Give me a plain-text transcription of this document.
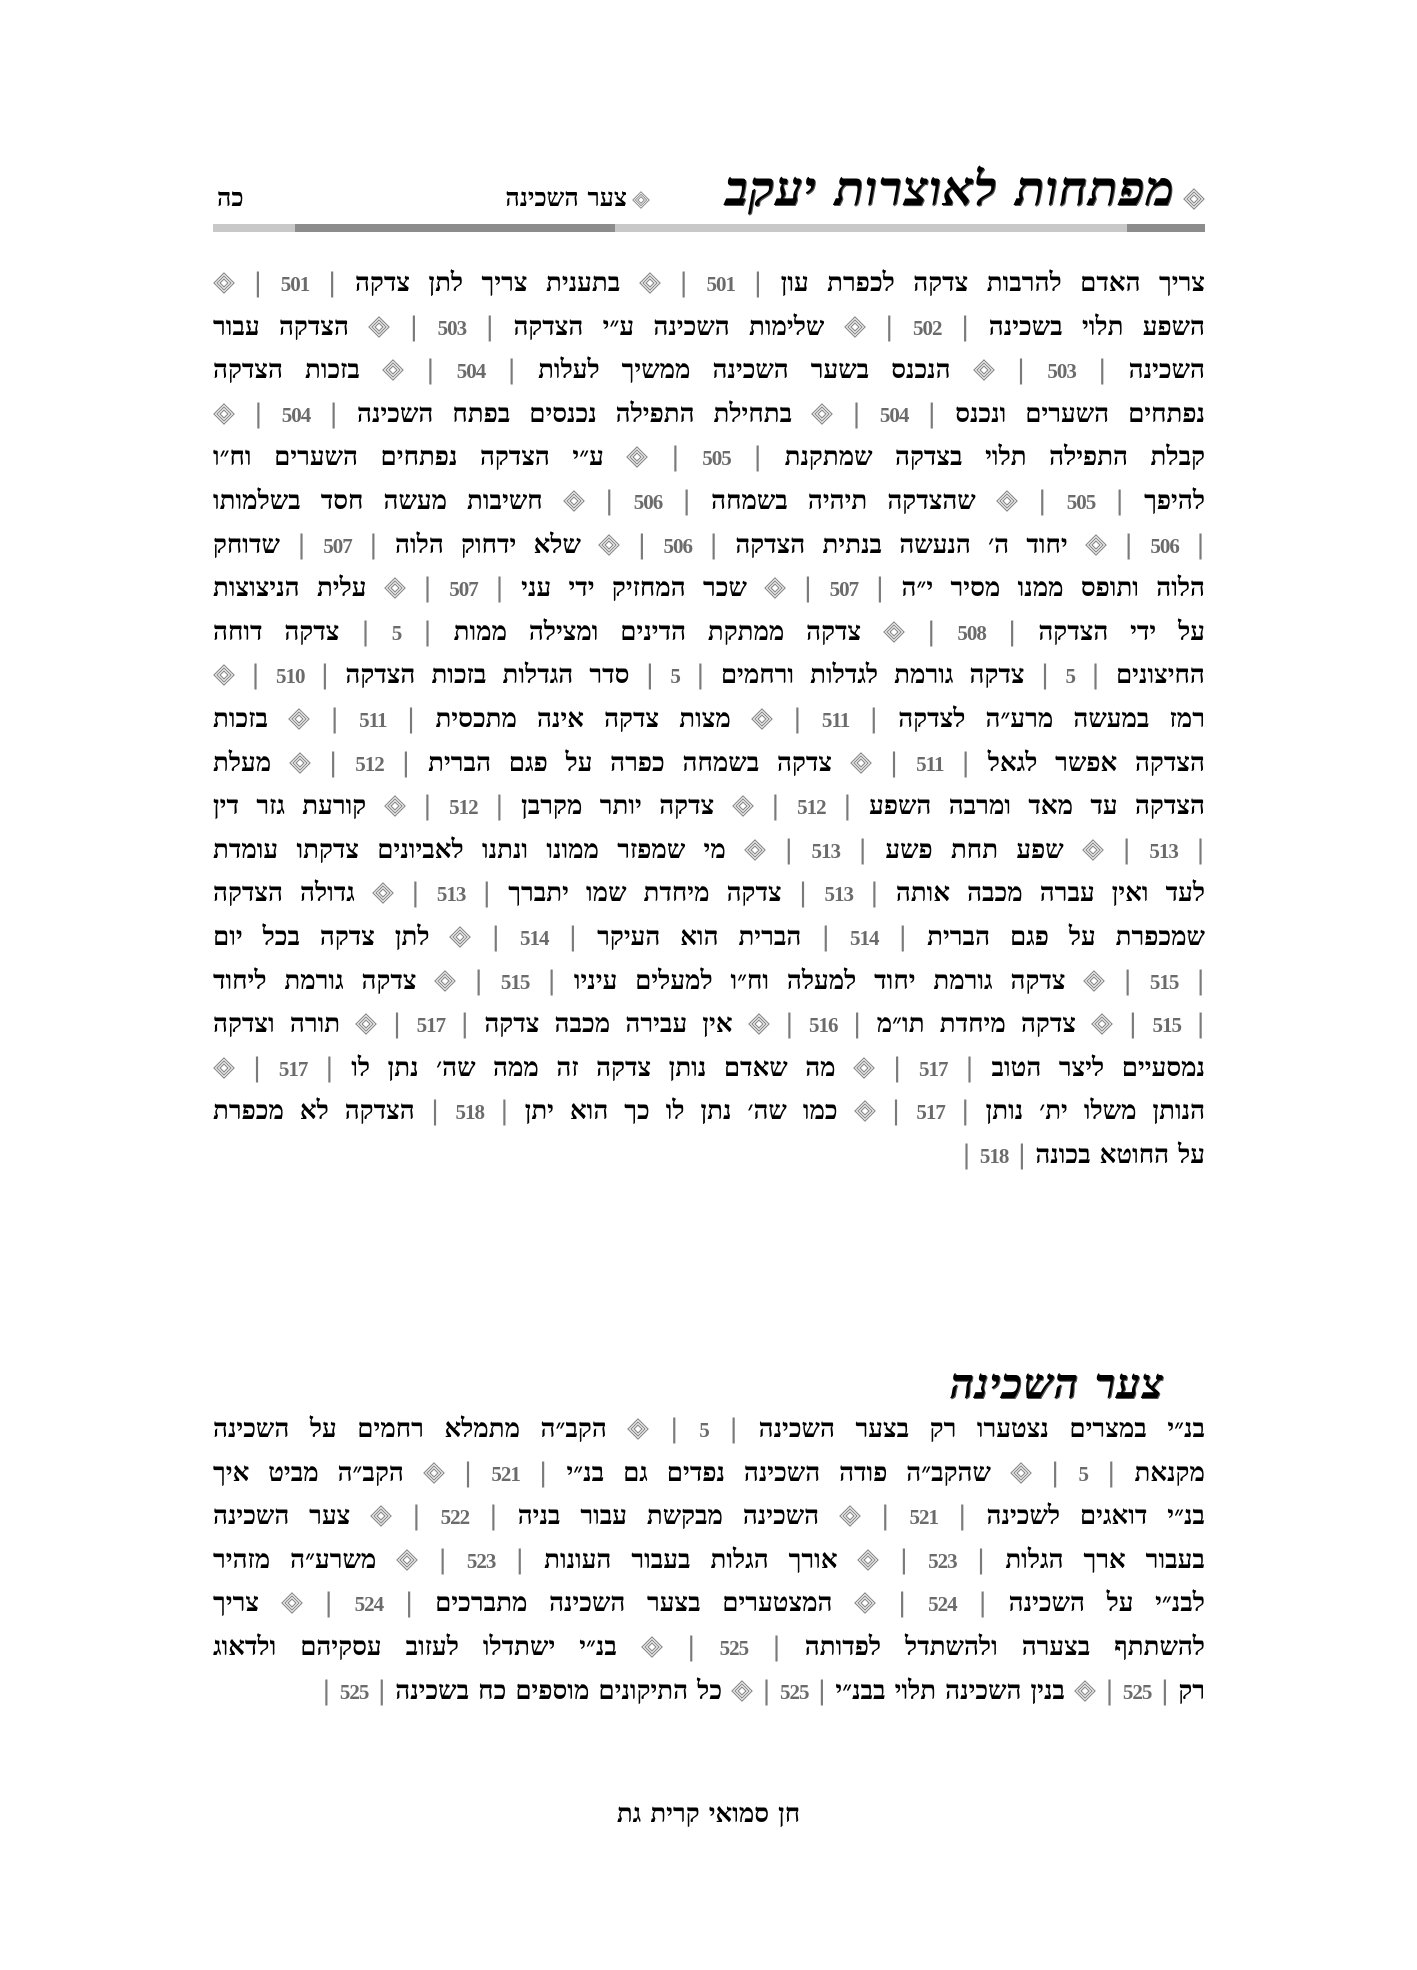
מפתחות לאוצרות יעקב
צער השכינה
כה
צריך האדם להרבות צדקה לכפרת עון | 501 |  בתענית צריך לתן צדקה | 501 |
השפע תלוי בשכינה | 502 |  שלימות השכינה ע״י הצדקה | 503 |  הצדקה עבור
השכינה | 503 |  הנכנס בשער השכינה ממשיך לעלות | 504 |  בזכות הצדקה
נפתחים השערים ונכנס | 504 |  בתחילת התפילה נכנסים בפתח השכינה | 504 |
קבלת התפילה תלוי בצדקה שמתקנת | 505 |  ע״י הצדקה נפתחים השערים וח״ו
להיפך | 505 |  שהצדקה תיהיה בשמחה | 506 |  חשיבות מעשה חסד בשלמותו
| 506 |  יחוד ה׳ הנעשה בנתית הצדקה | 506 |  שלא ידחוק הלוה | 507 | שדוחק
הלוה ותופס ממנו מסיר י״ה | 507 |  שכר המחזיק ידי עני | 507 |  עלית הניצוצות
על ידי הצדקה | 508 |  צדקה ממתקת הדינים ומצילה ממות | 5 | צדקה דוחה
החיצונים | 5 | צדקה גורמת לגדלות ורחמים | 5 | סדר הגדלות בזכות הצדקה | 510 |
רמז במעשה מרע״ה לצדקה | 511 |  מצות צדקה אינה מתכסית | 511 |  בזכות
הצדקה אפשר לגאל | 511 |  צדקה בשמחה כפרה על פגם הברית | 512 |  מעלת
הצדקה עד מאד ומרבה השפע | 512 |  צדקה יותר מקרבן | 512 |  קורעת גזר דין
| 513 |  שפע תחת פשע | 513 |  מי שמפזר ממונו ונתנו לאביונים צדקתו עומדת
לעד ואין עברה מכבה אותה | 513 | צדקה מיחדת שמו יתברך | 513 |  גדולה הצדקה
שמכפרת על פגם הברית | 514 | הברית הוא העיקר | 514 |  לתן צדקה בכל יום
| 515 |  צדקה גורמת יחוד למעלה וח״ו למעלים עיניו | 515 |  צדקה גורמת ליחוד
| 515 |  צדקה מיחדת תו״מ | 516 |  אין עבירה מכבה צדקה | 517 |  תורה וצדקה
נמסעיים ליצר הטוב | 517 |  מה שאדם נותן צדקה זה ממה שה׳ נתן לו | 517 |
הנותן משלו ית׳ נותן | 517 |  כמו שה׳ נתן לו כך הוא יתן | 518 | הצדקה לא מכפרת
על החוטא בכונה | 518 |
צער השכינה
בנ״י במצרים נצטערו רק בצער השכינה | 5 |  הקב״ה מתמלא רחמים על השכינה
מקנאת | 5 |  שהקב״ה פודה השכינה נפדים גם בנ״י | 521 |  הקב״ה מביט איך
בנ״י דואגים לשכינה | 521 |  השכינה מבקשת עבור בניה | 522 |  צער השכינה
בעבור ארך הגלות | 523 |  אורך הגלות בעבור העונות | 523 |  משרע״ה מזהיר
לבנ״י על השכינה | 524 |  המצטערים בצער השכינה מתברכים | 524 |  צריך
להשתתף בצערה ולהשתדל לפדותה | 525 |  בנ״י ישתדלו לעזוב עסקיהם ולדאוג
רק | 525 |  בנין השכינה תלוי בבנ״י | 525 |  כל התיקונים מוספים כח בשכינה | 525 |
חן סמואי קרית גת
